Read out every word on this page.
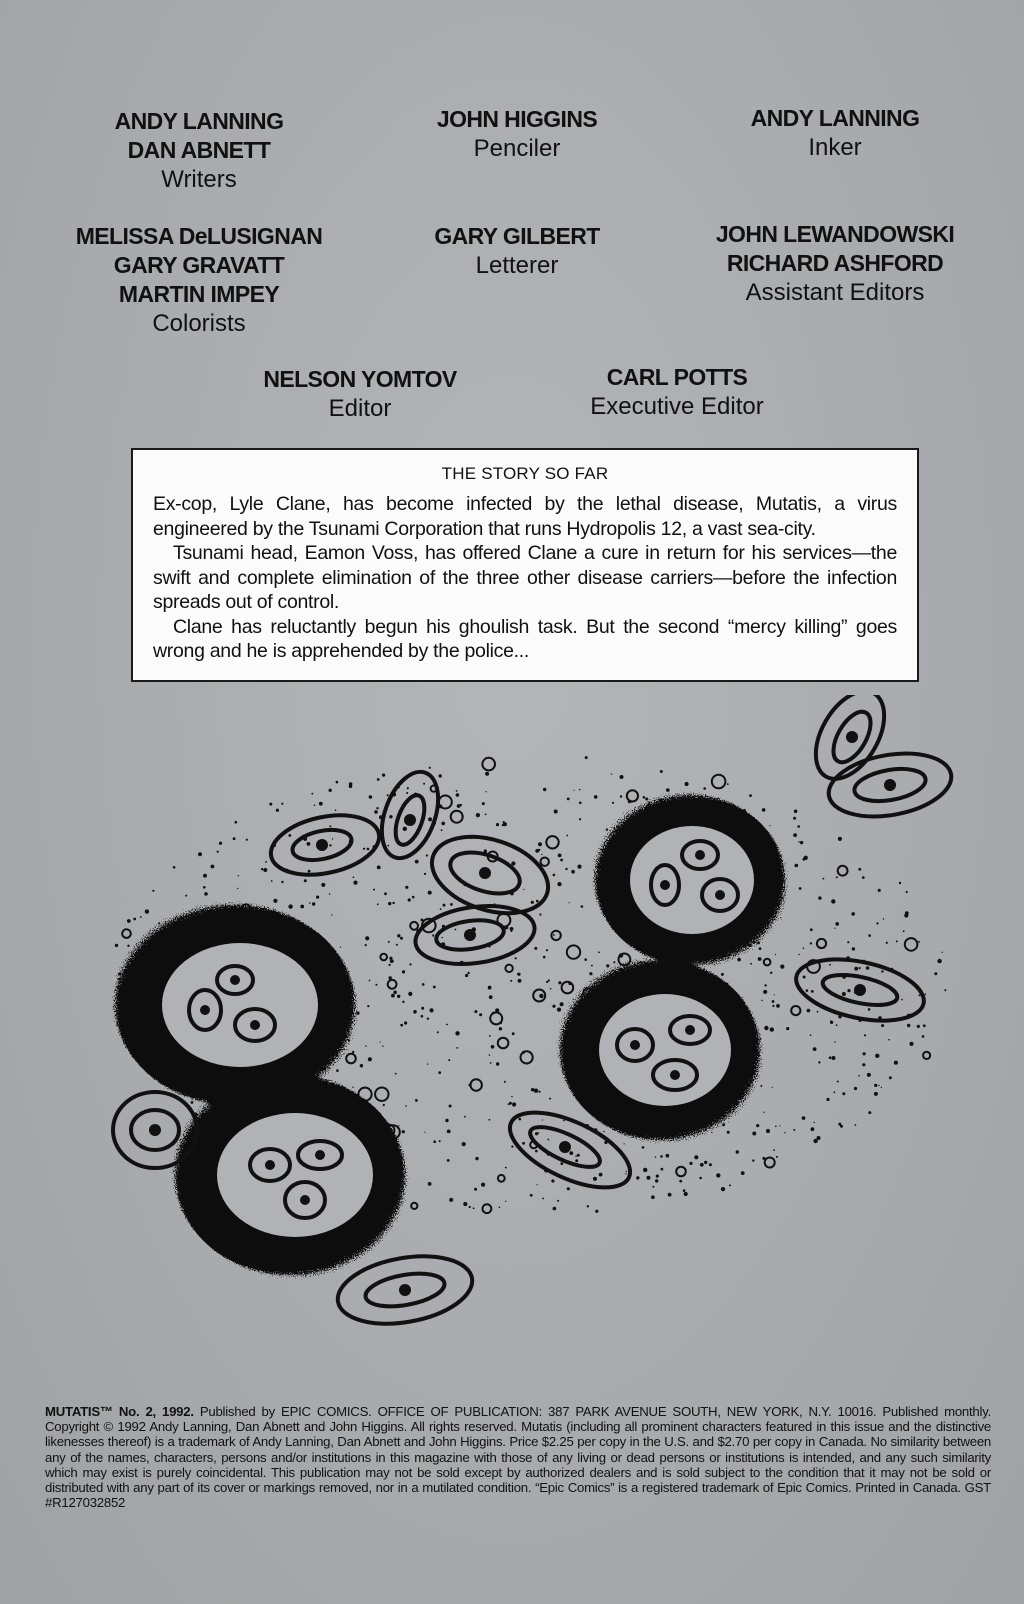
ANDY LANNING
DAN ABNETT
Writers
JOHN HIGGINS
Penciler
ANDY LANNING
Inker
MELISSA DeLUSIGNAN
GARY GRAVATT
MARTIN IMPEY
Colorists
GARY GILBERT
Letterer
JOHN LEWANDOWSKI
RICHARD ASHFORD
Assistant Editors
NELSON YOMTOV
Editor
CARL POTTS
Executive Editor
THE STORY SO FAR

Ex-cop, Lyle Clane, has become infected by the lethal disease, Mutatis, a virus engineered by the Tsunami Corporation that runs Hydropolis 12, a vast sea-city.

Tsunami head, Eamon Voss, has offered Clane a cure in return for his services—the swift and complete elimination of the three other disease carriers—before the infection spreads out of control.

Clane has reluctantly begun his ghoulish task. But the second “mercy killing” goes wrong and he is apprehended by the police...

MUTATIS™ No. 2, 1992. Published by EPIC COMICS. OFFICE OF PUBLICATION: 387 PARK AVENUE SOUTH, NEW YORK, N.Y. 10016. Published monthly. Copyright © 1992 Andy Lanning, Dan Abnett and John Higgins. All rights reserved. Mutatis (including all prominent characters featured in this issue and the distinctive likenesses thereof) is a trademark of Andy Lanning, Dan Abnett and John Higgins. Price $2.25 per copy in the U.S. and $2.70 per copy in Canada. No similarity between any of the names, characters, persons and/or institutions in this magazine with those of any living or dead persons or institutions is intended, and any such similarity which may exist is purely coincidental. This publication may not be sold except by authorized dealers and is sold subject to the condition that it may not be sold or distributed with any part of its cover or markings removed, nor in a mutilated condition. “Epic Comics” is a registered trademark of Epic Comics. Printed in Canada. GST #R127032852
